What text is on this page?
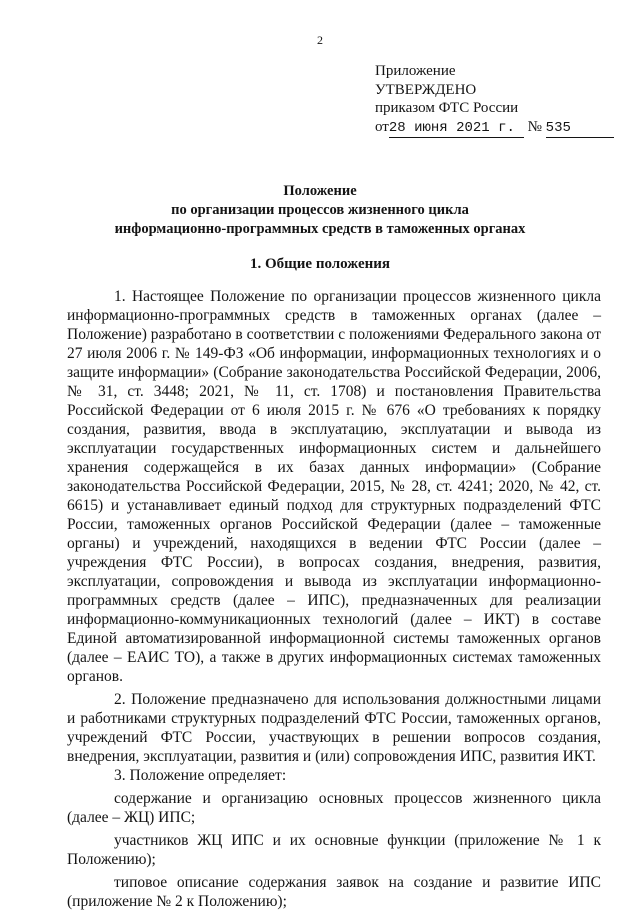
2
Приложение
УТВЕРЖДЕНО
приказом ФТС России
от28 июня 2021 г. № 535
Положение
по организации процессов жизненного цикла
информационно-программных средств в таможенных органах
1. Общие положения

1. Настоящее Положение по организации процессов жизненного цикла информационно-программных средств в таможенных органах (далее – Положение) разработано в соответствии с положениями Федерального закона от 27 июля 2006 г. № 149-ФЗ «Об информации, информационных технологиях и о защите информации» (Собрание законодательства Российской Федерации, 2006, № 31, ст. 3448; 2021, № 11, ст. 1708) и постановления Правительства Российской Федерации от 6 июля 2015 г. № 676 «О требованиях к порядку создания, развития, ввода в эксплуатацию, эксплуатации и вывода из эксплуатации государственных информационных систем и дальнейшего хранения содержащейся в их базах данных информации» (Собрание законодательства Российской Федерации, 2015, № 28, ст. 4241; 2020, № 42, ст. 6615) и устанавливает единый подход для структурных подразделений ФТС России, таможенных органов Российской Федерации (далее – таможенные органы) и учреждений, находящихся в ведении ФТС России (далее – учреждения ФТС России), в вопросах создания, внедрения, развития, эксплуатации, сопровождения и вывода из эксплуатации информационно-программных средств (далее – ИПС), предназначенных для реализации информационно-коммуникационных технологий (далее – ИКТ) в составе Единой автоматизированной информационной системы таможенных органов (далее – ЕАИС ТО), а также в других информационных системах таможенных органов.

2. Положение предназначено для использования должностными лицами и работниками структурных подразделений ФТС России, таможенных органов, учреждений ФТС России, участвующих в решении вопросов создания, внедрения, эксплуатации, развития и (или) сопровождения ИПС, развития ИКТ.

3. Положение определяет:

содержание и организацию основных процессов жизненного цикла (далее – ЖЦ) ИПС;

участников ЖЦ ИПС и их основные функции (приложение № 1 к Положению);

типовое описание содержания заявок на создание и развитие ИПС (приложение № 2 к Положению);
